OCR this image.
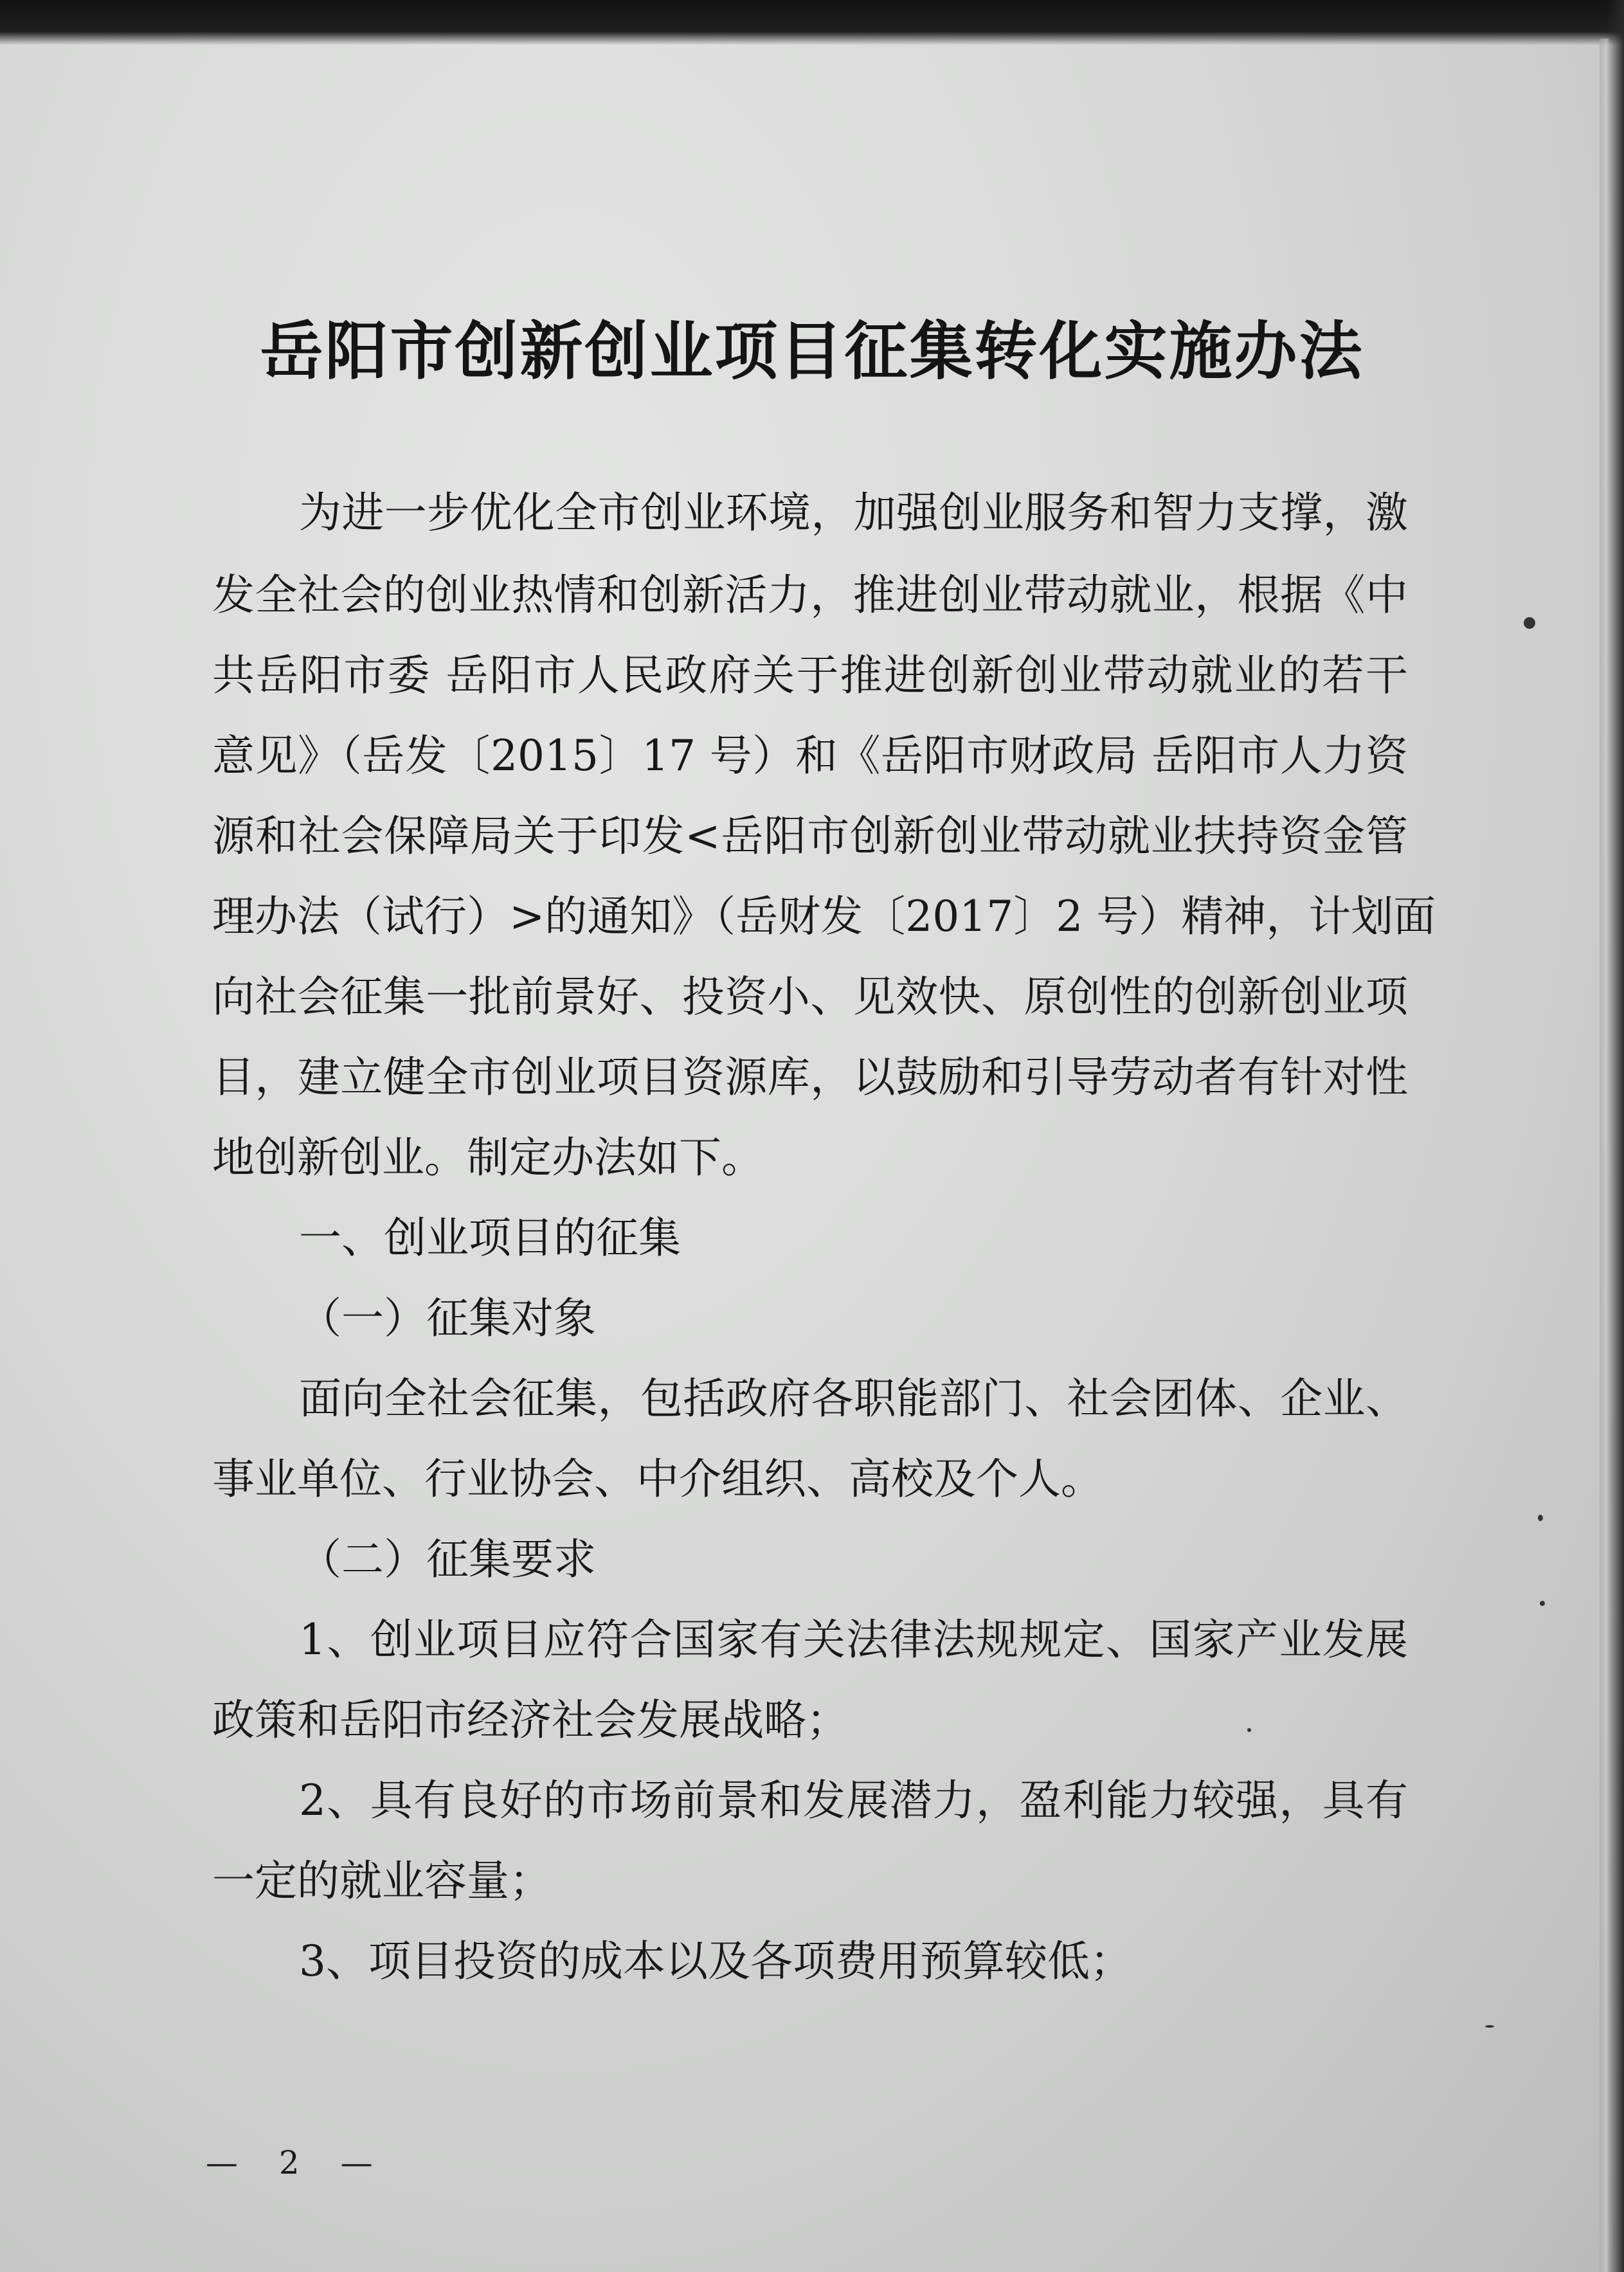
岳阳市创新创业项目征集转化实施办法
为进一步优化全市创业环境，加强创业服务和智力支撑，激
发全社会的创业热情和创新活力，推进创业带动就业，根据《中
共岳阳市委 岳阳市人民政府关于推进创新创业带动就业的若干
意见》（岳发〔2015〕17 号）和《岳阳市财政局 岳阳市人力资
源和社会保障局关于印发<岳阳市创新创业带动就业扶持资金管
理办法（试行）>的通知》（岳财发〔2017〕2 号）精神，计划面
向社会征集一批前景好、投资小、见效快、原创性的创新创业项
目，建立健全市创业项目资源库，以鼓励和引导劳动者有针对性
地创新创业。制定办法如下。
一、创业项目的征集
（一）征集对象
面向全社会征集，包括政府各职能部门、社会团体、企业、
事业单位、行业协会、中介组织、高校及个人。
（二）征集要求
1、创业项目应符合国家有关法律法规规定、国家产业发展
政策和岳阳市经济社会发展战略；
2、具有良好的市场前景和发展潜力，盈利能力较强，具有
一定的就业容量；
3、项目投资的成本以及各项费用预算较低；
— 2 —
